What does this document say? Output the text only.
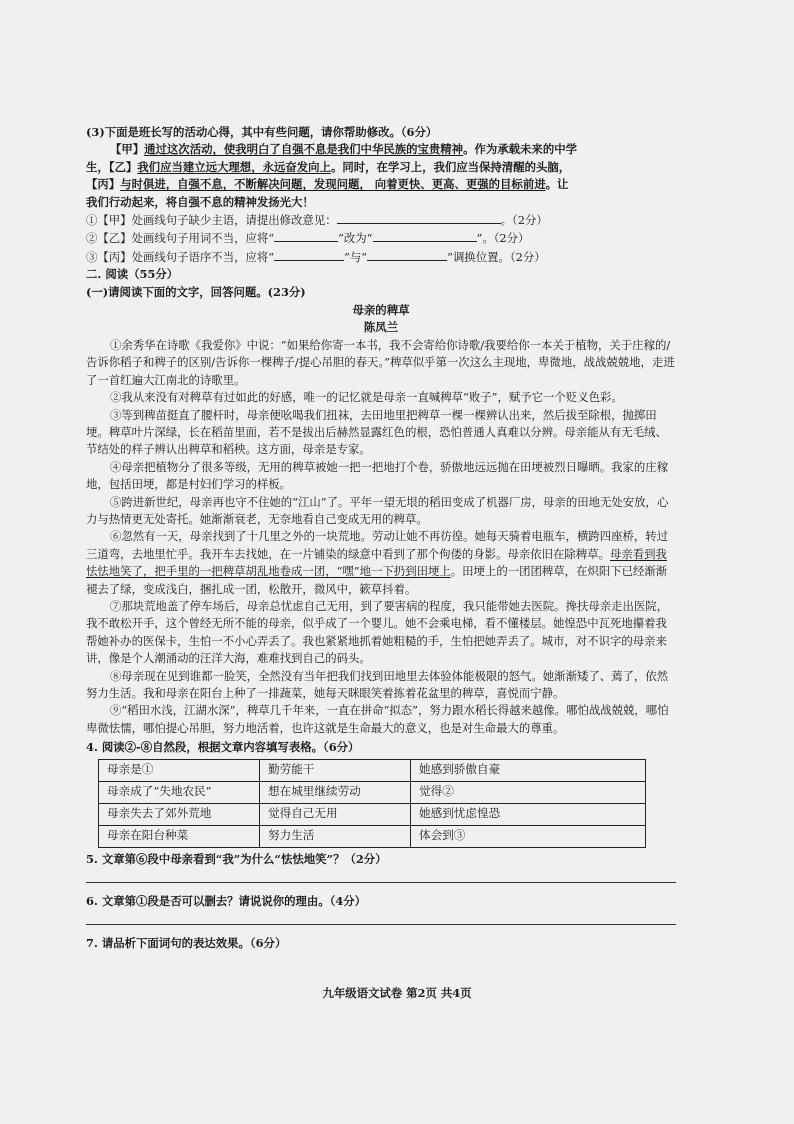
(3)下面是班长写的活动心得，其中有些问题，请你帮助修改。（6分）

【甲】通过这次活动，使我明白了自强不息是我们中华民族的宝贵精神。作为承载未来的中学

生，【乙】我们应当建立远大理想，永远奋发向上。同时，在学习上，我们应当保持清醒的头脑，

【丙】与时俱进，自强不息，不断解决问题，发现问题， 向着更快、更高、更强的目标前进。让

我们行动起来，将自强不息的精神发扬光大！

①【甲】处画线句子缺少主语，请提出修改意见：	。（2分）

②【乙】处画线句子用词不当，应将“	”改为“	”。（2分）

③【丙】处画线句子语序不当，应将“	”与“	”调换位置。（2分）

二. 阅读（55分）

(一)请阅读下面的文字，回答问题。(23分)

母亲的稗草

陈凤兰

①余秀华在诗歌《我爱你》中说：“如果给你寄一本书，我不会寄给你诗歌/我要给你一本关于植物，关于庄稼的/告诉你稻子和稗子的区别/告诉你一棵稗子/提心吊胆的春天。”稗草似乎第一次这么主现地，卑微地，战战兢兢地，走进了一首红遍大江南北的诗歌里。

②我从来没有对稗草有过如此的好感，唯一的记忆就是母亲一直喊稗草“败子”，赋予它一个贬义色彩。

③等到稗苗挺直了腰杆时，母亲便吆喝我们扭袜，去田地里把稗草一棵一棵辨认出来，然后拔至除根，抛掷田埂。稗草叶片深绿，长在稻苗里面，若不是拔出后赫然显露红色的根，恐怕普通人真难以分辨。母亲能从有无毛绒、节结处的样子辨认出稗草和稻秧。这方面，母亲是专家。

④母亲把植物分了很多等级，无用的稗草被她一把一把地打个卷，骄傲地远远抛在田埂被烈日曝晒。我家的庄稼地，包括田埂，都是村妇们学习的样板。

⑤跨进新世纪，母亲再也守不住她的“江山”了。平年一望无垠的稻田变成了机器厂房，母亲的田地无处安放，心力与热情更无处寄托。她渐渐衰老，无奈地看自己变成无用的稗草。

⑥忽然有一天，母亲找到了十几里之外的一块荒地。劳动让她不再彷徨。她每天骑着电瓶车，横跨四座桥，转过三道弯，去地里忙乎。我开车去找她，在一片铺染的绿意中看到了那个佝偻的身影。母亲依旧在除稗草。母亲看到我怯怯地笑了，把手里的一把稗草胡乱地卷成一团，“嘿”地一下扔到田埂上。田埂上的一团团稗草，在炽阳下已经渐渐褪去了绿，变成浅白，捆扎成一团，松散开，微风中，簌草抖着。

⑦那块荒地盖了停车场后，母亲总忧虑自己无用，到了要害病的程度，我只能带她去医院。搀扶母亲走出医院，我不敢松开手，这个曾经无所不能的母亲，似乎成了一个婴儿。她不会乘电梯，看不懂楼层。她惶恐中瓦死地攥着我帮她补办的医保卡，生怕一不小心弄丢了。我也紧紧地抓着她粗糙的手，生怕把她弄丢了。城市，对不识字的母亲来讲，像是个人潮涌动的汪洋大海，难难找到自己的码头。

⑧母亲现在见到谁都一脸笑，全然没有当年把我们找到田地里去体验体能极限的怒气。她渐渐矮了、蔫了，依然努力生活。我和母亲在阳台上种了一排蔬菜，她每天眯眼笑着拣着花盆里的稗草，喜悦而宁静。

⑨“稻田水浅，江湖水深”，稗草几千年来，一直在拼命“拟态”，努力跟水稻长得越来越像。哪怕战战兢兢，哪怕卑微怯懦，哪怕提心吊胆，努力地活着，也许这就是生命最大的意义，也是对生命最大的尊重。

4. 阅读②-⑧自然段，根据文章内容填写表格。（6分）

母亲是①	勤劳能干	她感到骄傲自豪
母亲成了“失地农民”	想在城里继续劳动	觉得②
母亲失去了郊外荒地	觉得自己无用	她感到忧虑惶恐
母亲在阳台种菜	努力生活	体会到③

5. 文章第⑥段中母亲看到“我”为什么“怯怯地笑”？（2分）

6. 文章第①段是否可以删去？请说说你的理由。（4分）

7. 请品析下面词句的表达效果。（6分）

九年级语文试卷 第2页 共4页
